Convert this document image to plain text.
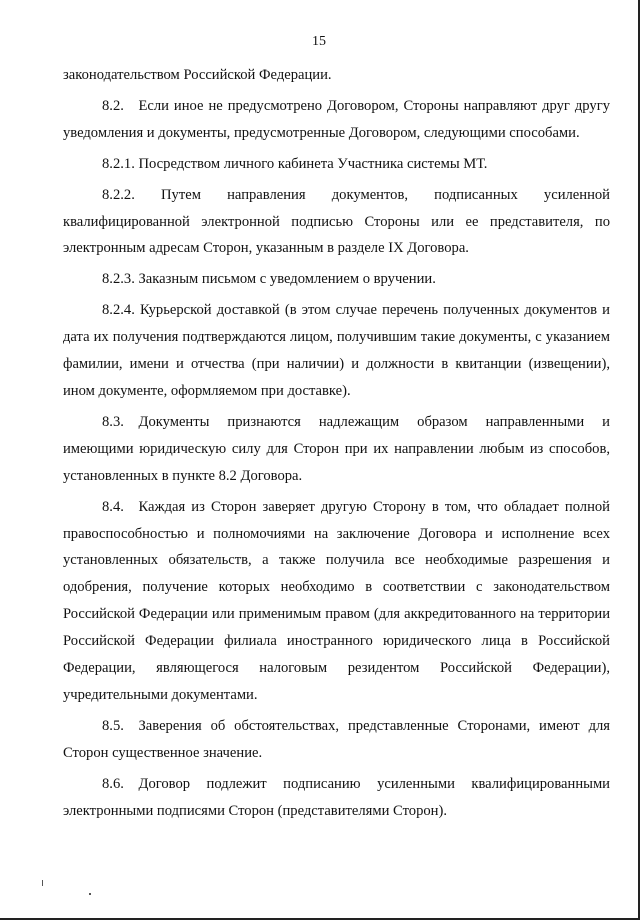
15

законодательством Российской Федерации.

8.2. Если иное не предусмотрено Договором, Стороны направляют друг другу уведомления и документы, предусмотренные Договором, следующими способами.

8.2.1. Посредством личного кабинета Участника системы МТ.

8.2.2. Путем направления документов, подписанных усиленной квалифицированной электронной подписью Стороны или ее представителя, по электронным адресам Сторон, указанным в разделе IX Договора.

8.2.3. Заказным письмом с уведомлением о вручении.

8.2.4. Курьерской доставкой (в этом случае перечень полученных документов и дата их получения подтверждаются лицом, получившим такие документы, с указанием фамилии, имени и отчества (при наличии) и должности в квитанции (извещении), ином документе, оформляемом при доставке).

8.3. Документы признаются надлежащим образом направленными и имеющими юридическую силу для Сторон при их направлении любым из способов, установленных в пункте 8.2 Договора.

8.4. Каждая из Сторон заверяет другую Сторону в том, что обладает полной правоспособностью и полномочиями на заключение Договора и исполнение всех установленных обязательств, а также получила все необходимые разрешения и одобрения, получение которых необходимо в соответствии с законодательством Российской Федерации или применимым правом (для аккредитованного на территории Российской Федерации филиала иностранного юридического лица в Российской Федерации, являющегося налоговым резидентом Российской Федерации), учредительными документами.

8.5. Заверения об обстоятельствах, представленные Сторонами, имеют для Сторон существенное значение.

8.6. Договор подлежит подписанию усиленными квалифицированными электронными подписями Сторон (представителями Сторон).
